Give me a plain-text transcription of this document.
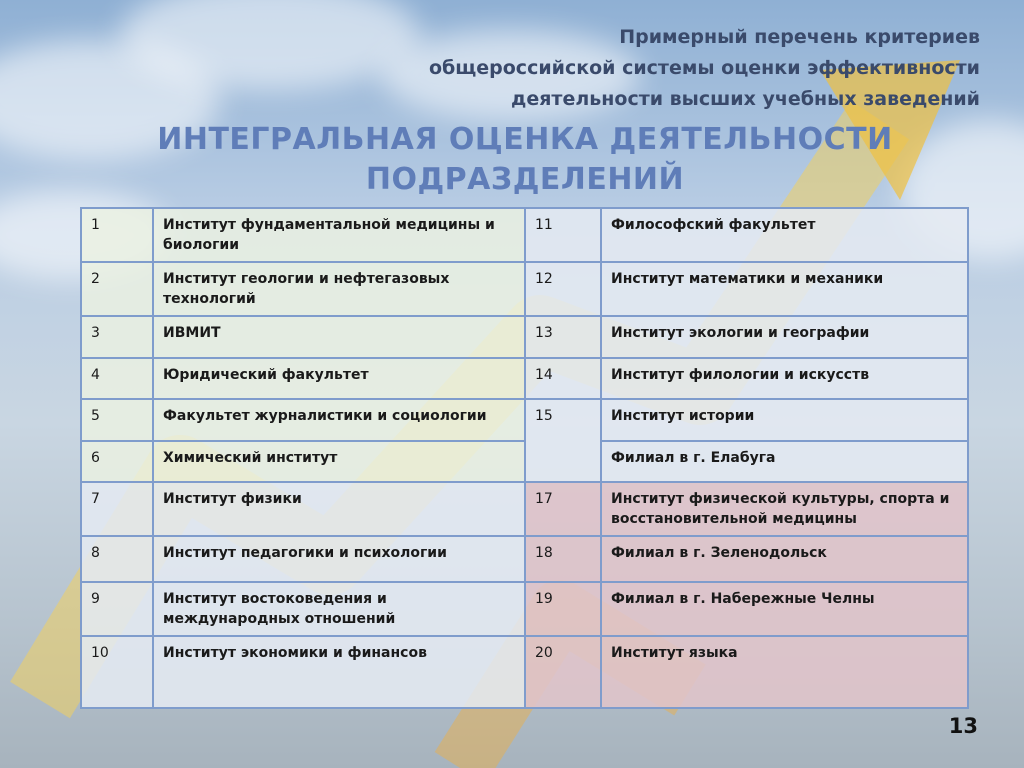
Примерный перечень критериев
общероссийской системы оценки эффективности
деятельности высших учебных заведений
ИНТЕГРАЛЬНАЯ ОЦЕНКА ДЕЯТЕЛЬНОСТИ
ПОДРАЗДЕЛЕНИЙ
1	Институт фундаментальной медицины и биологии	11	Философский факультет
2	Институт геологии и нефтегазовых технологий	12	Институт математики и механики
3	ИВМИТ	13	Институт экологии и географии
4	Юридический факультет	14	Институт филологии и искусств
5	Факультет журналистики и социологии	15	Институт истории
6	Химический институт		Филиал в г. Елабуга
7	Институт физики	17	Институт физической культуры, спорта и восстановительной медицины
8	Институт педагогики и психологии	18	Филиал в г. Зеленодольск
9	Институт востоковедения и международных отношений	19	Филиал в г. Набережные Челны
10	Институт экономики и финансов	20	Институт языка
13
